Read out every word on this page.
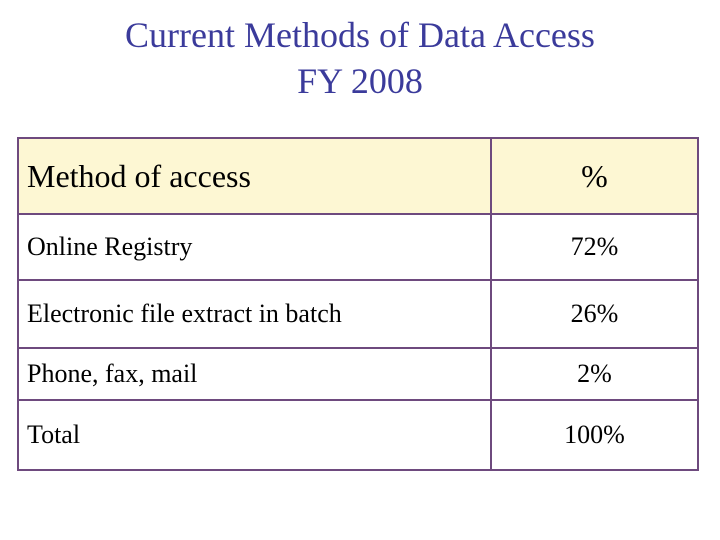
Current Methods of Data Access
FY 2008
Method of access	%
Online Registry	72%
Electronic file extract in batch	26%
Phone, fax, mail	2%
Total	100%
